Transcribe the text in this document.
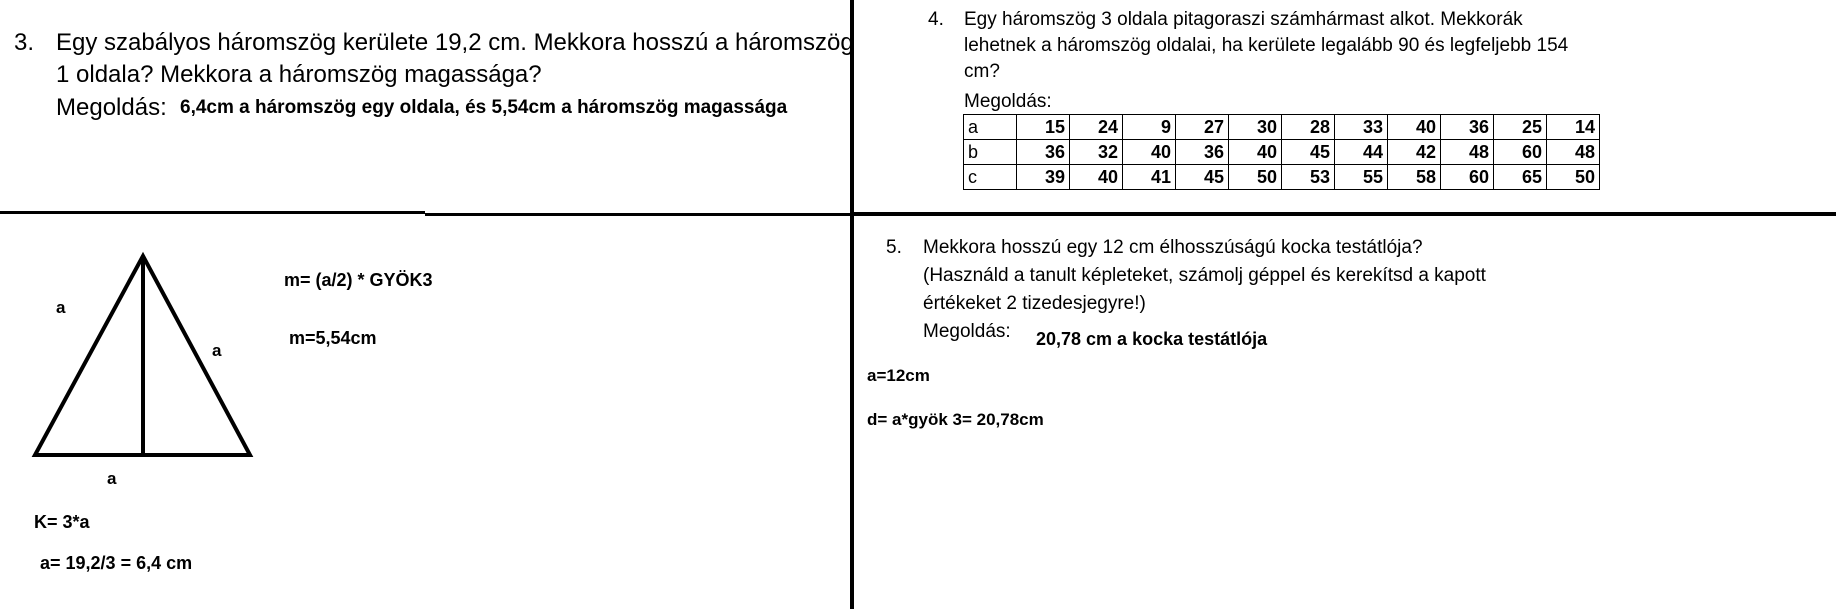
3. Egy szabályos háromszög kerülete 19,2 cm. Mekkora hosszú a háromszög
1 oldala? Mekkora a háromszög magassága?
Megoldás: 6,4cm a háromszög egy oldala, és 5,54cm a háromszög magassága
4. Egy háromszög 3 oldala pitagoraszi számhármast alkot. Mekkorák
lehetnek a háromszög oldalai, ha kerülete legalább 90 és legfeljebb 154
cm?
Megoldás:
a	15	24	9	27	30	28	33	40	36	25	14
b	36	32	40	36	40	45	44	42	48	60	48
c	39	40	41	45	50	53	55	58	60	65	50
a
a
a
m= (a/2) * GYÖK3
m=5,54cm
K= 3*a
a= 19,2/3 = 6,4 cm
5. Mekkora hosszú egy 12 cm élhosszúságú kocka testátlója?
(Használd a tanult képleteket, számolj géppel és kerekítsd a kapott
értékeket 2 tizedesjegyre!)
Megoldás: 20,78 cm a kocka testátlója
a=12cm
d= a*gyök 3= 20,78cm
